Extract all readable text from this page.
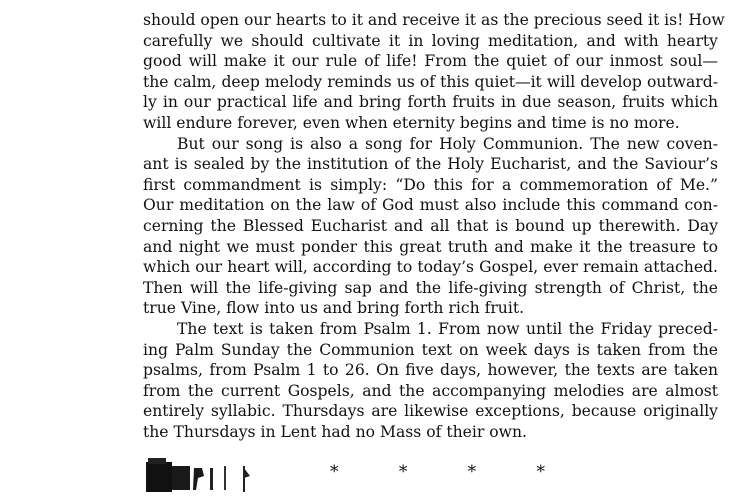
should open our hearts to it and receive it as the precious seed it is! How
carefully we should cultivate it in loving meditation, and with hearty
good will make it our rule of life! From the quiet of our inmost soul—
the calm, deep melody reminds us of this quiet—it will develop outward-
ly in our practical life and bring forth fruits in due season, fruits which
will endure forever, even when eternity begins and time is no more.
But our song is also a song for Holy Communion. The new coven-
ant is sealed by the institution of the Holy Eucharist, and the Saviour’s
first commandment is simply: “Do this for a commemoration of Me.”
Our meditation on the law of God must also include this command con-
cerning the Blessed Eucharist and all that is bound up therewith. Day
and night we must ponder this great truth and make it the treasure to
which our heart will, according to today’s Gospel, ever remain attached.
Then will the life-giving sap and the life-giving strength of Christ, the
true Vine, flow into us and bring forth rich fruit.
The text is taken from Psalm 1. From now until the Friday preced-
ing Palm Sunday the Communion text on week days is taken from the
psalms, from Psalm 1 to 26. On five days, however, the texts are taken
from the current Gospels, and the accompanying melodies are almost
entirely syllabic. Thursdays are likewise exceptions, because originally
the Thursdays in Lent had no Mass of their own.
*	*	*	*
